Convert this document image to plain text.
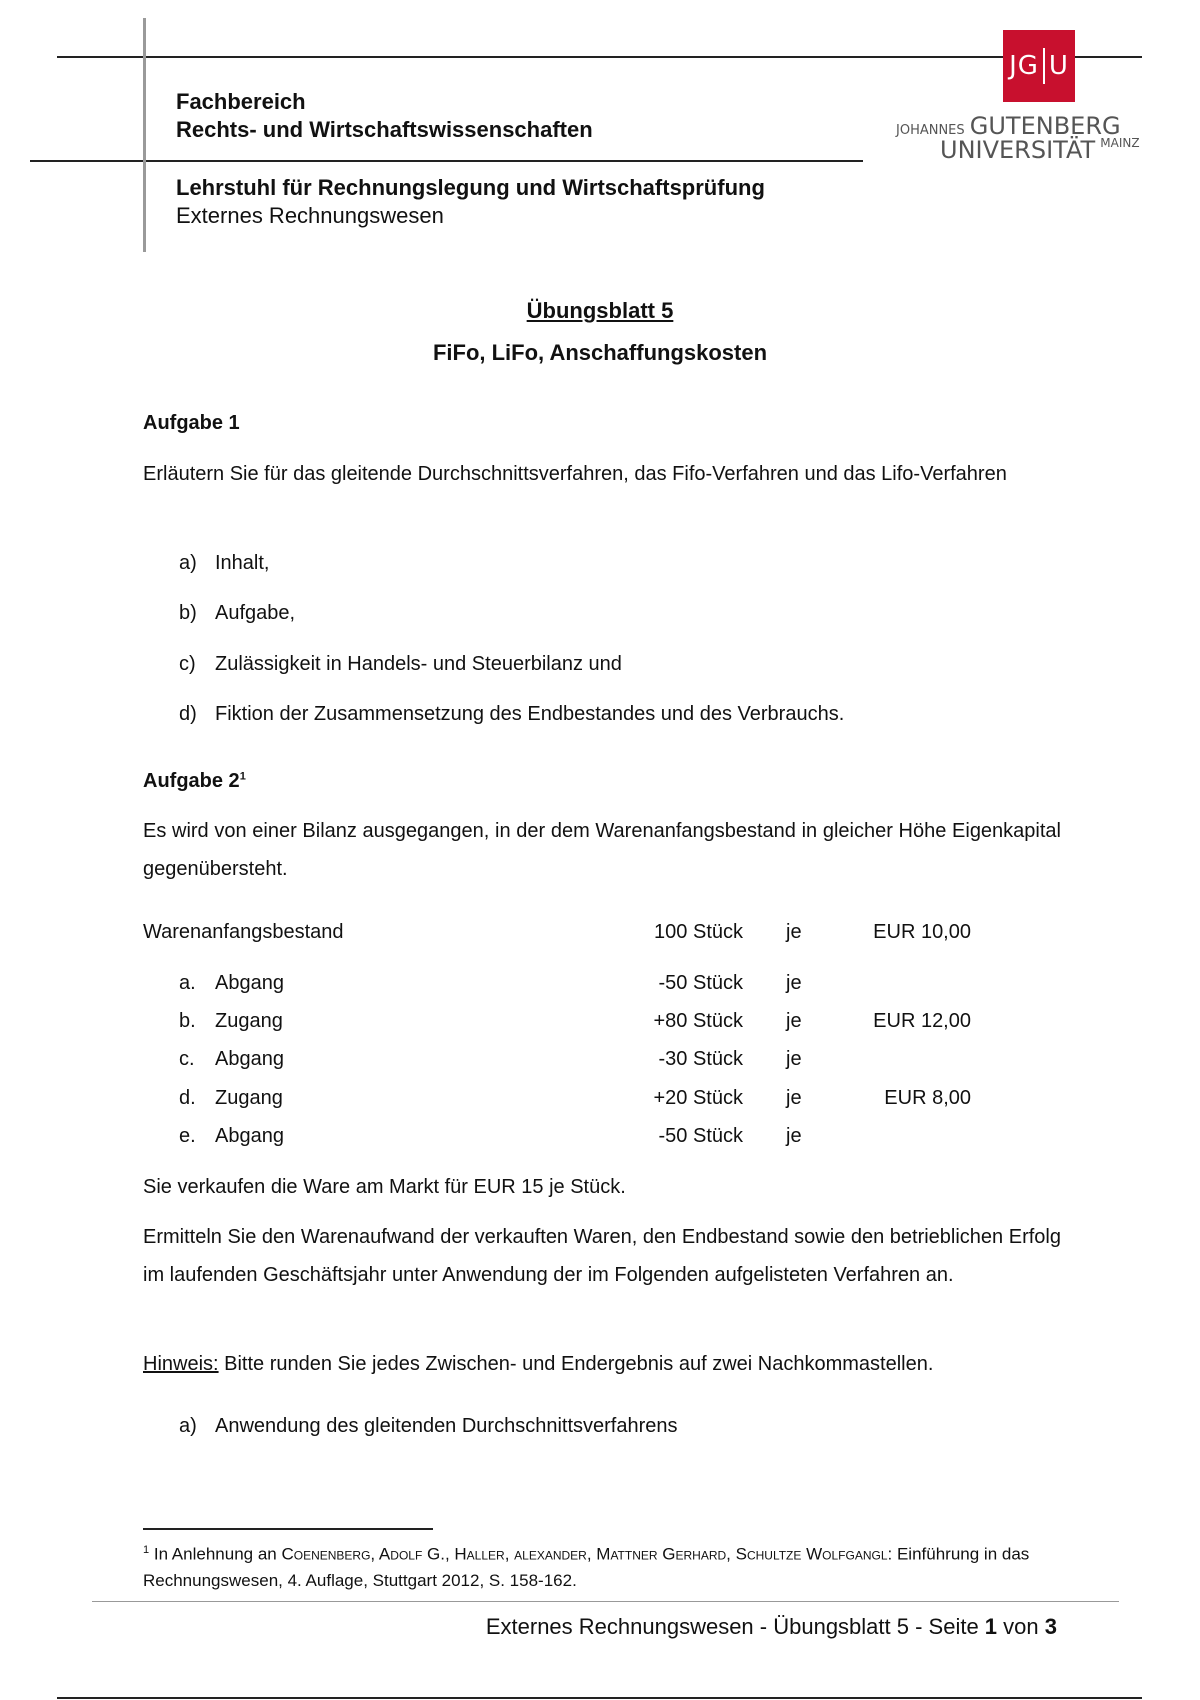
Fachbereich
Rechts- und Wirtschaftswissenschaften
Lehrstuhl für Rechnungslegung und Wirtschaftsprüfung
Externes Rechnungswesen
JG U
JOHANNES GUTENBERG
UNIVERSITÄT $^{MAINZ}$
Übungsblatt 5
FiFo, LiFo, Anschaffungskosten
Aufgabe 1
Erläutern Sie für das gleitende Durchschnittsverfahren, das Fifo-Verfahren und das Lifo-Verfahren
a) Inhalt,
b) Aufgabe,
c) Zulässigkeit in Handels- und Steuerbilanz und
d) Fiktion der Zusammensetzung des Endbestandes und des Verbrauchs.
Aufgabe $2^1$
Es wird von einer Bilanz ausgegangen, in der dem Warenanfangsbestand in gleicher Höhe Eigenkapital gegenübersteht.
Warenanfangsbestand	100 Stück je	EUR 10,00
a. Abgang	-50 Stück je
b. Zugang	+80 Stück je	EUR 12,00
c. Abgang	-30 Stück je
d. Zugang	+20 Stück je	EUR 8,00
e. Abgang	-50 Stück je
Sie verkaufen die Ware am Markt für EUR 15 je Stück.
Ermitteln Sie den Warenaufwand der verkauften Waren, den Endbestand sowie den betrieblichen Erfolg im laufenden Geschäftsjahr unter Anwendung der im Folgenden aufgelisteten Verfahren an.
Hinweis: Bitte runden Sie jedes Zwischen- und Endergebnis auf zwei Nachkommastellen.
a) Anwendung des gleitenden Durchschnittsverfahrens
$^1$ In Anlehnung an Coenenberg, Adolf G., Haller, alexander, Mattner Gerhard, Schultze Wolfgangl: Einführung in das Rechnungswesen, 4. Auflage, Stuttgart 2012, S. 158-162.
Externes Rechnungswesen - Übungsblatt 5 - Seite 1 von 3
